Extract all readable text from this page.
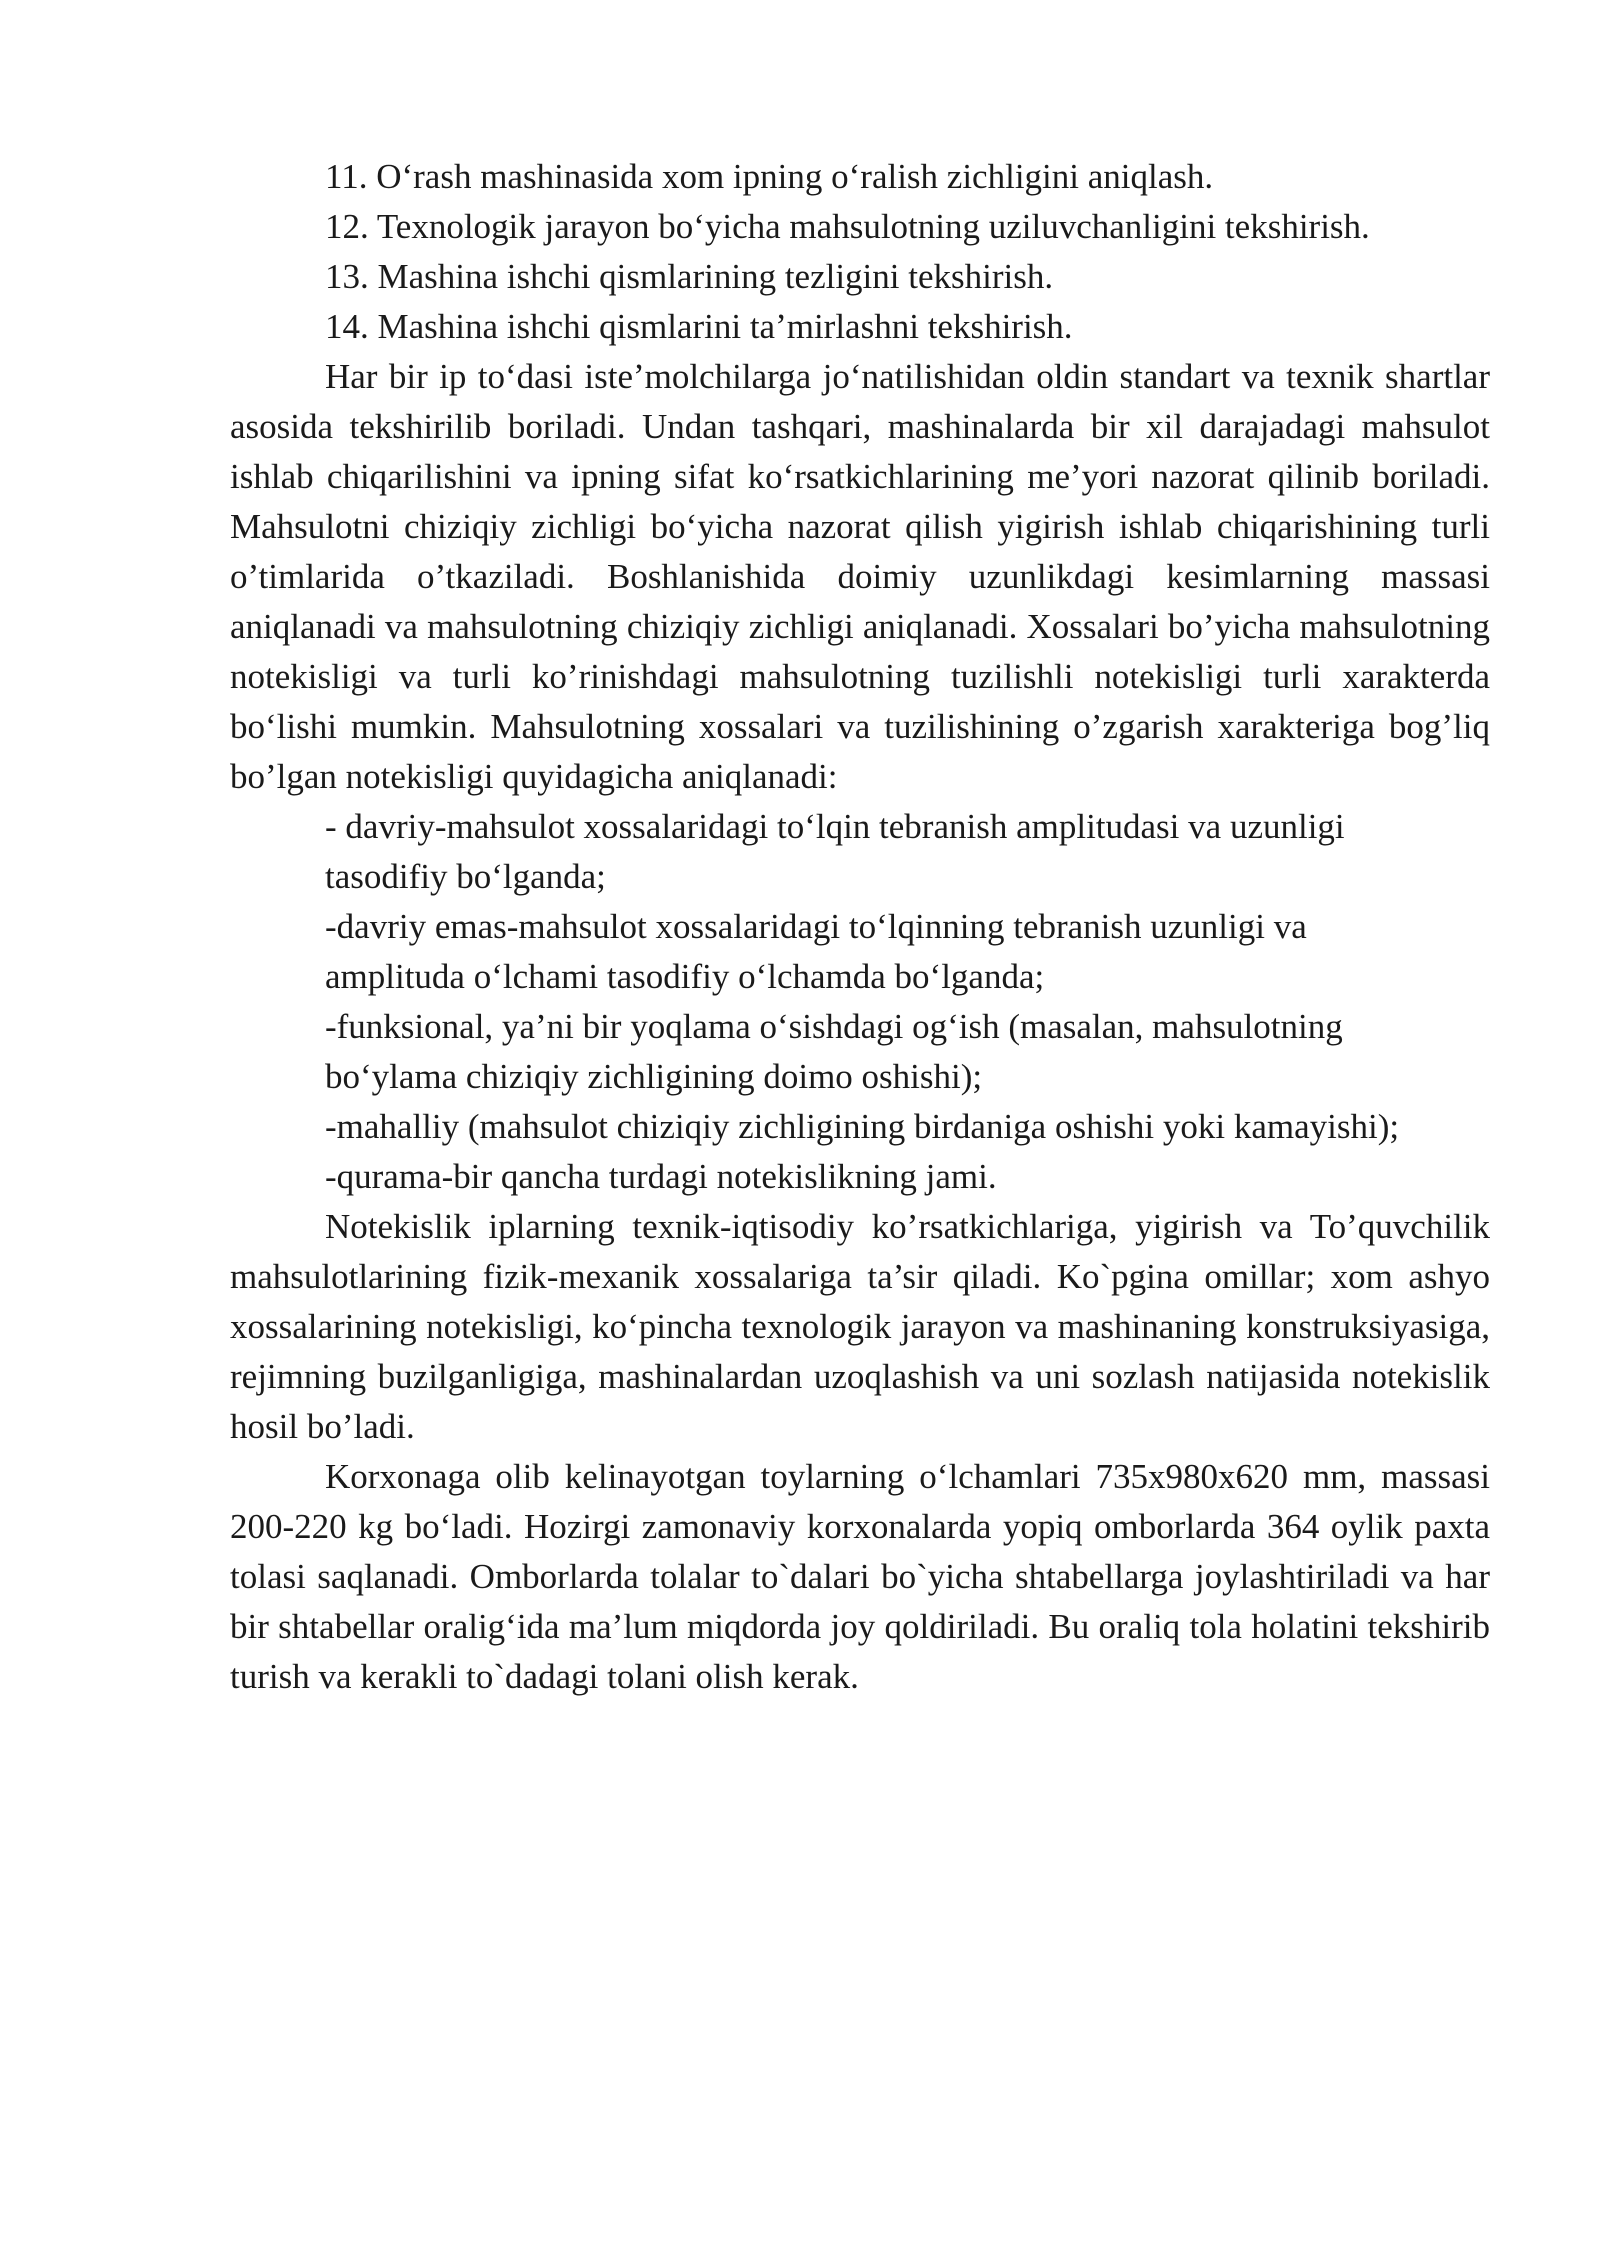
11. Oʻrash mashinasida xom ipning oʻralish zichligini aniqlash.

12. Texnologik jarayon boʻyicha mahsulotning uziluvchanligini tekshirish.

13. Mashina ishchi qismlarining tezligini tekshirish.

14. Mashina ishchi qismlarini taʼmirlashni tekshirish.

Har bir ip toʻdasi isteʼmolchilarga joʻnatilishidan oldin standart va texnik shartlar asosida tekshirilib boriladi. Undan tashqari, mashinalarda bir xil darajadagi mahsulot ishlab chiqarilishini va ipning sifat koʻrsatkichlarining me’yori nazorat qilinib boriladi. Mahsulotni chiziqiy zichligi boʻyicha nazorat qilish yigirish ishlab chiqarishining turli o’timlarida o’tkaziladi. Boshlanishida doimiy uzunlikdagi kesimlarning massasi aniqlanadi va mahsulotning chiziqiy zichligi aniqlanadi. Xossalari bo’yicha mahsulotning notekisligi va turli ko’rinishdagi mahsulotning tuzilishli notekisligi turli xarakterda boʻlishi mumkin. Mahsulotning xossalari va tuzilishining o’zgarish xarakteriga bog’liq bo’lgan notekisligi quyidagicha aniqlanadi:

- davriy-mahsulot xossalaridagi toʻlqin tebranish amplitudasi va uzunligi tasodifiy boʻlganda;

-davriy emas-mahsulot xossalaridagi toʻlqinning tebranish uzunligi va amplituda oʻlchami tasodifiy oʻlchamda boʻlganda;

-funksional, ya’ni bir yoqlama oʻsishdagi ogʻish (masalan, mahsulotning boʻylama chiziqiy zichligining doimo oshishi);

-mahalliy (mahsulot chiziqiy zichligining birdaniga oshishi yoki kamayishi);

-qurama-bir qancha turdagi notekislikning jami.

Notekislik iplarning texnik-iqtisodiy ko’rsatkichlariga, yigirish va To’quvchilik mahsulotlarining fizik-mexanik xossalariga ta’sir qiladi. Ko`pgina omillar; xom ashyo xossalarining notekisligi, koʻpincha texnologik jarayon va mashinaning konstruksiyasiga, rejimning buzilganligiga, mashinalardan uzoqlashish va uni sozlash natijasida notekislik hosil bo’ladi.

Korxonaga olib kelinayotgan toylarning oʻlchamlari 735x980x620 mm, massasi 200-220 kg boʻladi. Hozirgi zamonaviy korxonalarda yopiq omborlarda 364 oylik paxta tolasi saqlanadi. Omborlarda tolalar to`dalari bo`yicha shtabellarga joylashtiriladi va har bir shtabellar oraligʻida ma’lum miqdorda joy qoldiriladi. Bu oraliq tola holatini tekshirib turish va kerakli to`dadagi tolani olish kerak.
